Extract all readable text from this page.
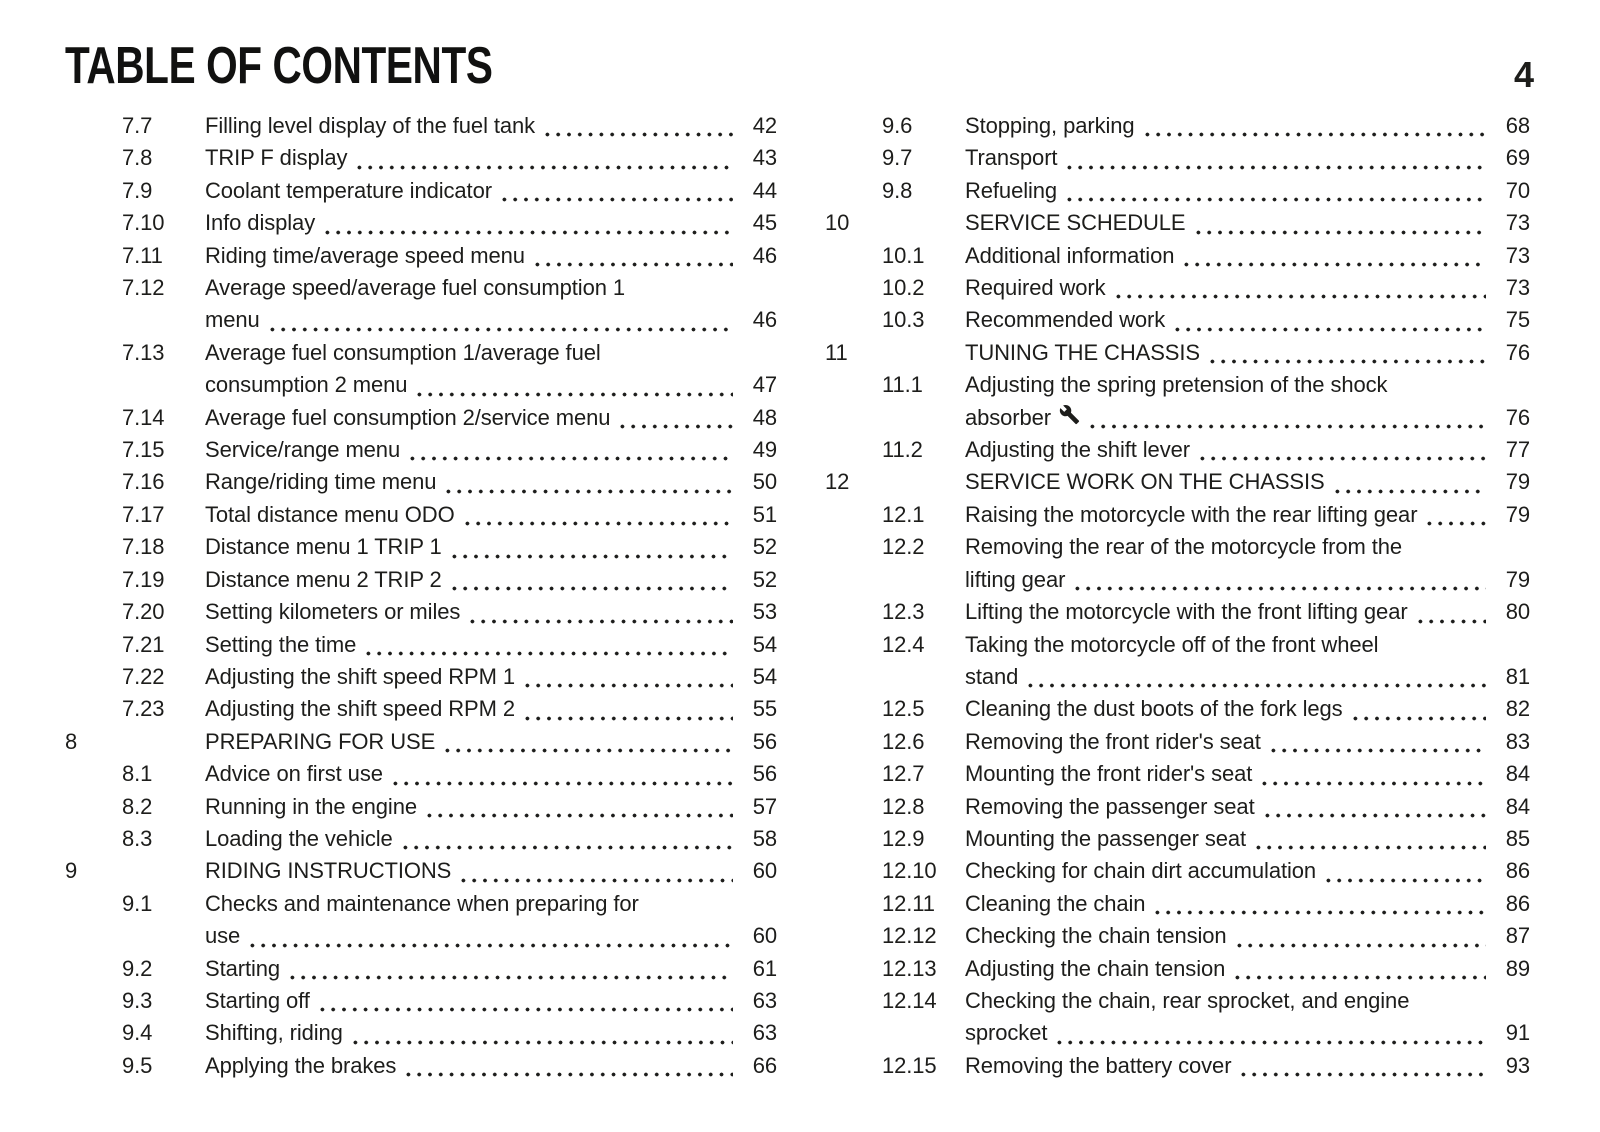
TABLE OF CONTENTS	4
7.7	Filling level display of the fuel tank	42
7.8	TRIP F display	43
7.9	Coolant temperature indicator	44
7.10	Info display	45
7.11	Riding time/average speed menu	46
7.12	Average speed/average fuel consumption 1
menu	46
7.13	Average fuel consumption 1/average fuel
consumption 2 menu	47
7.14	Average fuel consumption 2/service menu	48
7.15	Service/range menu	49
7.16	Range/riding time menu	50
7.17	Total distance menu ODO	51
7.18	Distance menu 1 TRIP 1	52
7.19	Distance menu 2 TRIP 2	52
7.20	Setting kilometers or miles	53
7.21	Setting the time	54
7.22	Adjusting the shift speed RPM 1	54
7.23	Adjusting the shift speed RPM 2	55
8	PREPARING FOR USE	56
8.1	Advice on first use	56
8.2	Running in the engine	57
8.3	Loading the vehicle	58
9	RIDING INSTRUCTIONS	60
9.1	Checks and maintenance when preparing for
use	60
9.2	Starting	61
9.3	Starting off	63
9.4	Shifting, riding	63
9.5	Applying the brakes	66
9.6	Stopping, parking	68
9.7	Transport	69
9.8	Refueling	70
10	SERVICE SCHEDULE	73
10.1	Additional information	73
10.2	Required work	73
10.3	Recommended work	75
11	TUNING THE CHASSIS	76
11.1	Adjusting the spring pretension of the shock
absorber	76
11.2	Adjusting the shift lever	77
12	SERVICE WORK ON THE CHASSIS	79
12.1	Raising the motorcycle with the rear lifting gear	79
12.2	Removing the rear of the motorcycle from the
lifting gear	79
12.3	Lifting the motorcycle with the front lifting gear	80
12.4	Taking the motorcycle off of the front wheel
stand	81
12.5	Cleaning the dust boots of the fork legs	82
12.6	Removing the front rider's seat	83
12.7	Mounting the front rider's seat	84
12.8	Removing the passenger seat	84
12.9	Mounting the passenger seat	85
12.10	Checking for chain dirt accumulation	86
12.11	Cleaning the chain	86
12.12	Checking the chain tension	87
12.13	Adjusting the chain tension	89
12.14	Checking the chain, rear sprocket, and engine
sprocket	91
12.15	Removing the battery cover	93
